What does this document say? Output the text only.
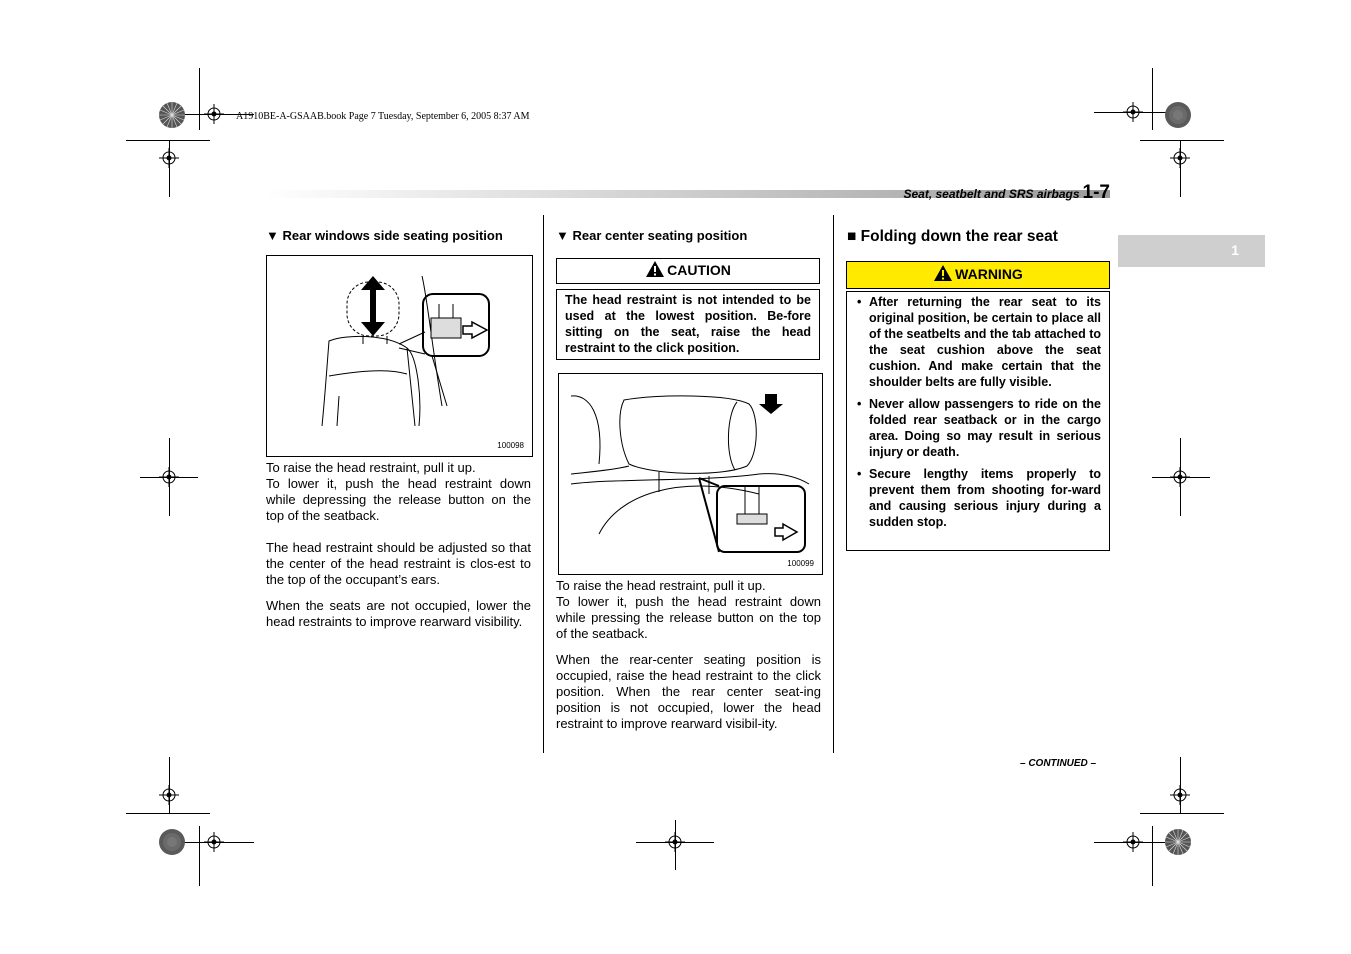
A1910BE-A-GSAAB.book Page 7 Tuesday, September 6, 2005 8:37 AM
Seat, seatbelt and SRS airbags 1-7
1
▼ Rear windows side seating position
100098

To raise the head restraint, pull it up.

To lower it, push the head restraint down while depressing the release button on the top of the seatback.

The head restraint should be adjusted so that the center of the head restraint is clos-est to the top of the occupant’s ears.

When the seats are not occupied, lower the head restraints to improve rearward visibility.

▼ Rear center seating position
CAUTION
The head restraint is not intended to be used at the lowest position. Be-fore sitting on the seat, raise the head restraint to the click position.
100099

To raise the head restraint, pull it up.

To lower it, push the head restraint down while pressing the release button on the top of the seatback.

When the rear-center seating position is occupied, raise the head restraint to the click position. When the rear center seat-ing position is not occupied, lower the head restraint to improve rearward visibil-ity.

■ Folding down the rear seat
WARNING
• After returning the rear seat to its original position, be certain to place all of the seatbelts and the tab attached to the seat cushion above the seat cushion. And make certain that the shoulder belts are fully visible.
• Never allow passengers to ride on the folded rear seatback or in the cargo area. Doing so may result in serious injury or death.
• Secure lengthy items properly to prevent them from shooting for-ward and causing serious injury during a sudden stop.
– CONTINUED –
